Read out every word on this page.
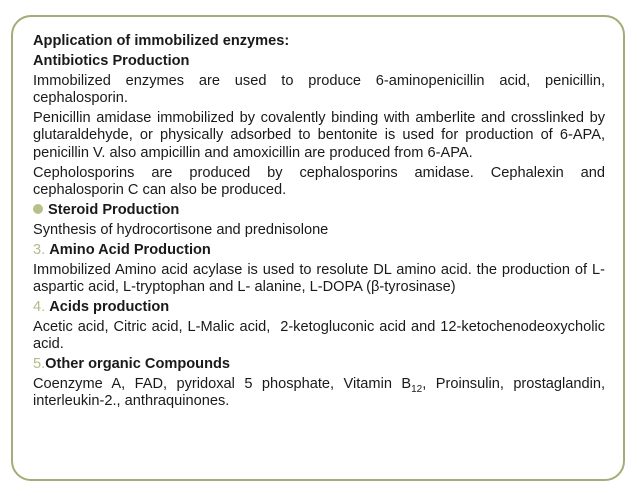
Application of immobilized enzymes:

Antibiotics Production

Immobilized enzymes are used to produce 6-aminopenicillin acid, penicillin, cephalosporin.

Penicillin amidase immobilized by covalently binding with amberlite and crosslinked by glutaraldehyde, or physically adsorbed to bentonite is used for production of 6-APA, penicillin V. also ampicillin and amoxicillin are produced from 6-APA.

Cepholosporins are produced by cephalosporins amidase. Cephalexin and cephalosporin C can also be produced.

Steroid Production

Synthesis of hydrocortisone and prednisolone

3. Amino Acid Production

Immobilized Amino acid acylase is used to resolute DL amino acid. the production of L-aspartic acid, L-tryptophan and L- alanine, L-DOPA (β-tyrosinase)

4. Acids production

Acetic acid, Citric acid, L-Malic acid,  2-ketogluconic acid and 12-ketochenodeoxycholic acid.

5.Other organic Compounds

Coenzyme A, FAD, pyridoxal 5 phosphate, Vitamin $B_{12}$, Proinsulin, prostaglandin, interleukin-2., anthraquinones.
